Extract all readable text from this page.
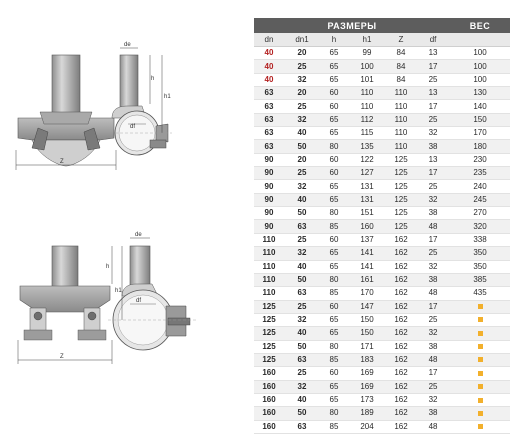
Z
de
h
h1
df
Z
de
h
h1
df
РАЗМЕРЫ						ВЕС
dn	dn1	h	h1	Z	df	
40	20	65	99	84	13	100
40	25	65	100	84	17	100
40	32	65	101	84	25	100
63	20	60	110	110	13	130
63	25	60	110	110	17	140
63	32	65	112	110	25	150
63	40	65	115	110	32	170
63	50	80	135	110	38	180
90	20	60	122	125	13	230
90	25	60	127	125	17	235
90	32	65	131	125	25	240
90	40	65	131	125	32	245
90	50	80	151	125	38	270
90	63	85	160	125	48	320
110	25	60	137	162	17	338
110	32	65	141	162	25	350
110	40	65	141	162	32	350
110	50	80	161	162	38	385
110	63	85	170	162	48	435
125	25	60	147	162	17	
125	32	65	150	162	25	
125	40	65	150	162	32	
125	50	80	171	162	38	
125	63	85	183	162	48	
160	25	60	169	162	17	
160	32	65	169	162	25	
160	40	65	173	162	32	
160	50	80	189	162	38	
160	63	85	204	162	48	
